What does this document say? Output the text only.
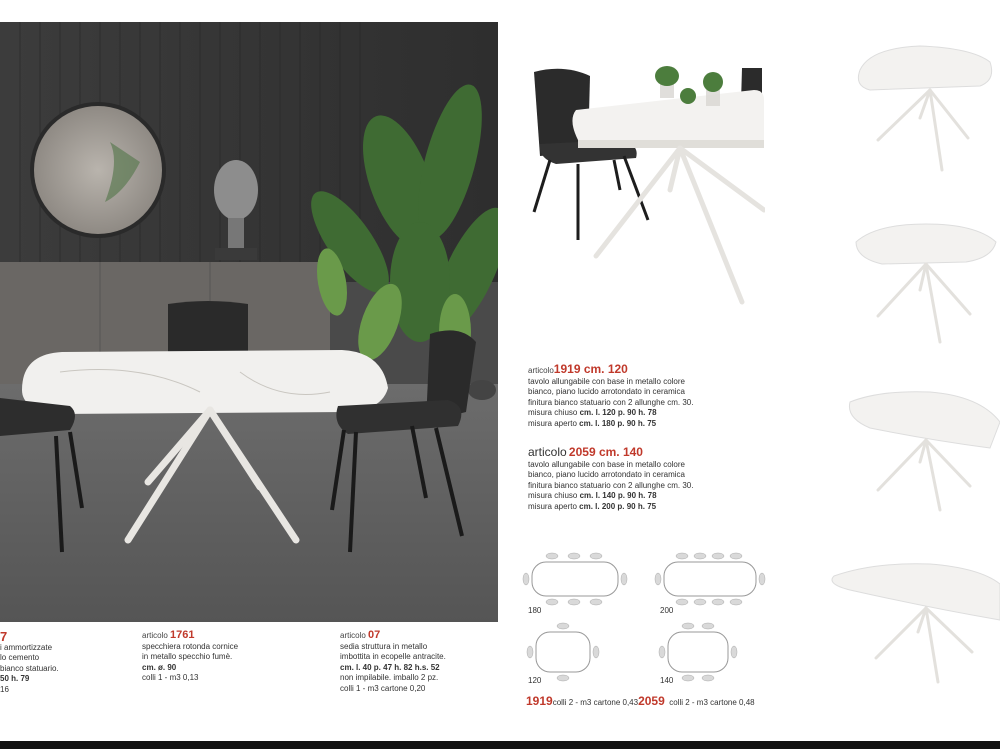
7
i ammortizzate
lo cemento
bianco statuario.
50 h. 79
16
articolo 1761
specchiera rotonda cornice
in metallo specchio fumè.
cm. ø. 90
colli 1 - m3 0,13
articolo 07
sedia struttura in metallo
imbottita in ecopelle antracite.
cm. l. 40 p. 47 h. 82 h.s. 52
non impilabile. imballo 2 pz.
colli 1 - m3 cartone 0,20
articolo1919 cm. 120
tavolo allungabile con base in metallo colore
bianco, piano lucido arrotondato in ceramica
finitura bianco statuario con 2 allunghe cm. 30.
misura chiuso cm. l. 120 p. 90 h. 78
misura aperto cm. l. 180 p. 90 h. 75
articolo 2059 cm. 140
tavolo allungabile con base in metallo colore
bianco, piano lucido arrotondato in ceramica
finitura bianco statuario con 2 allunghe cm. 30.
misura chiuso cm. l. 140 p. 90 h. 78
misura aperto cm. l. 200 p. 90 h. 75
180	200
120	140
1919colli 2 - m3 cartone 0,432059 colli 2 - m3 cartone 0,48
